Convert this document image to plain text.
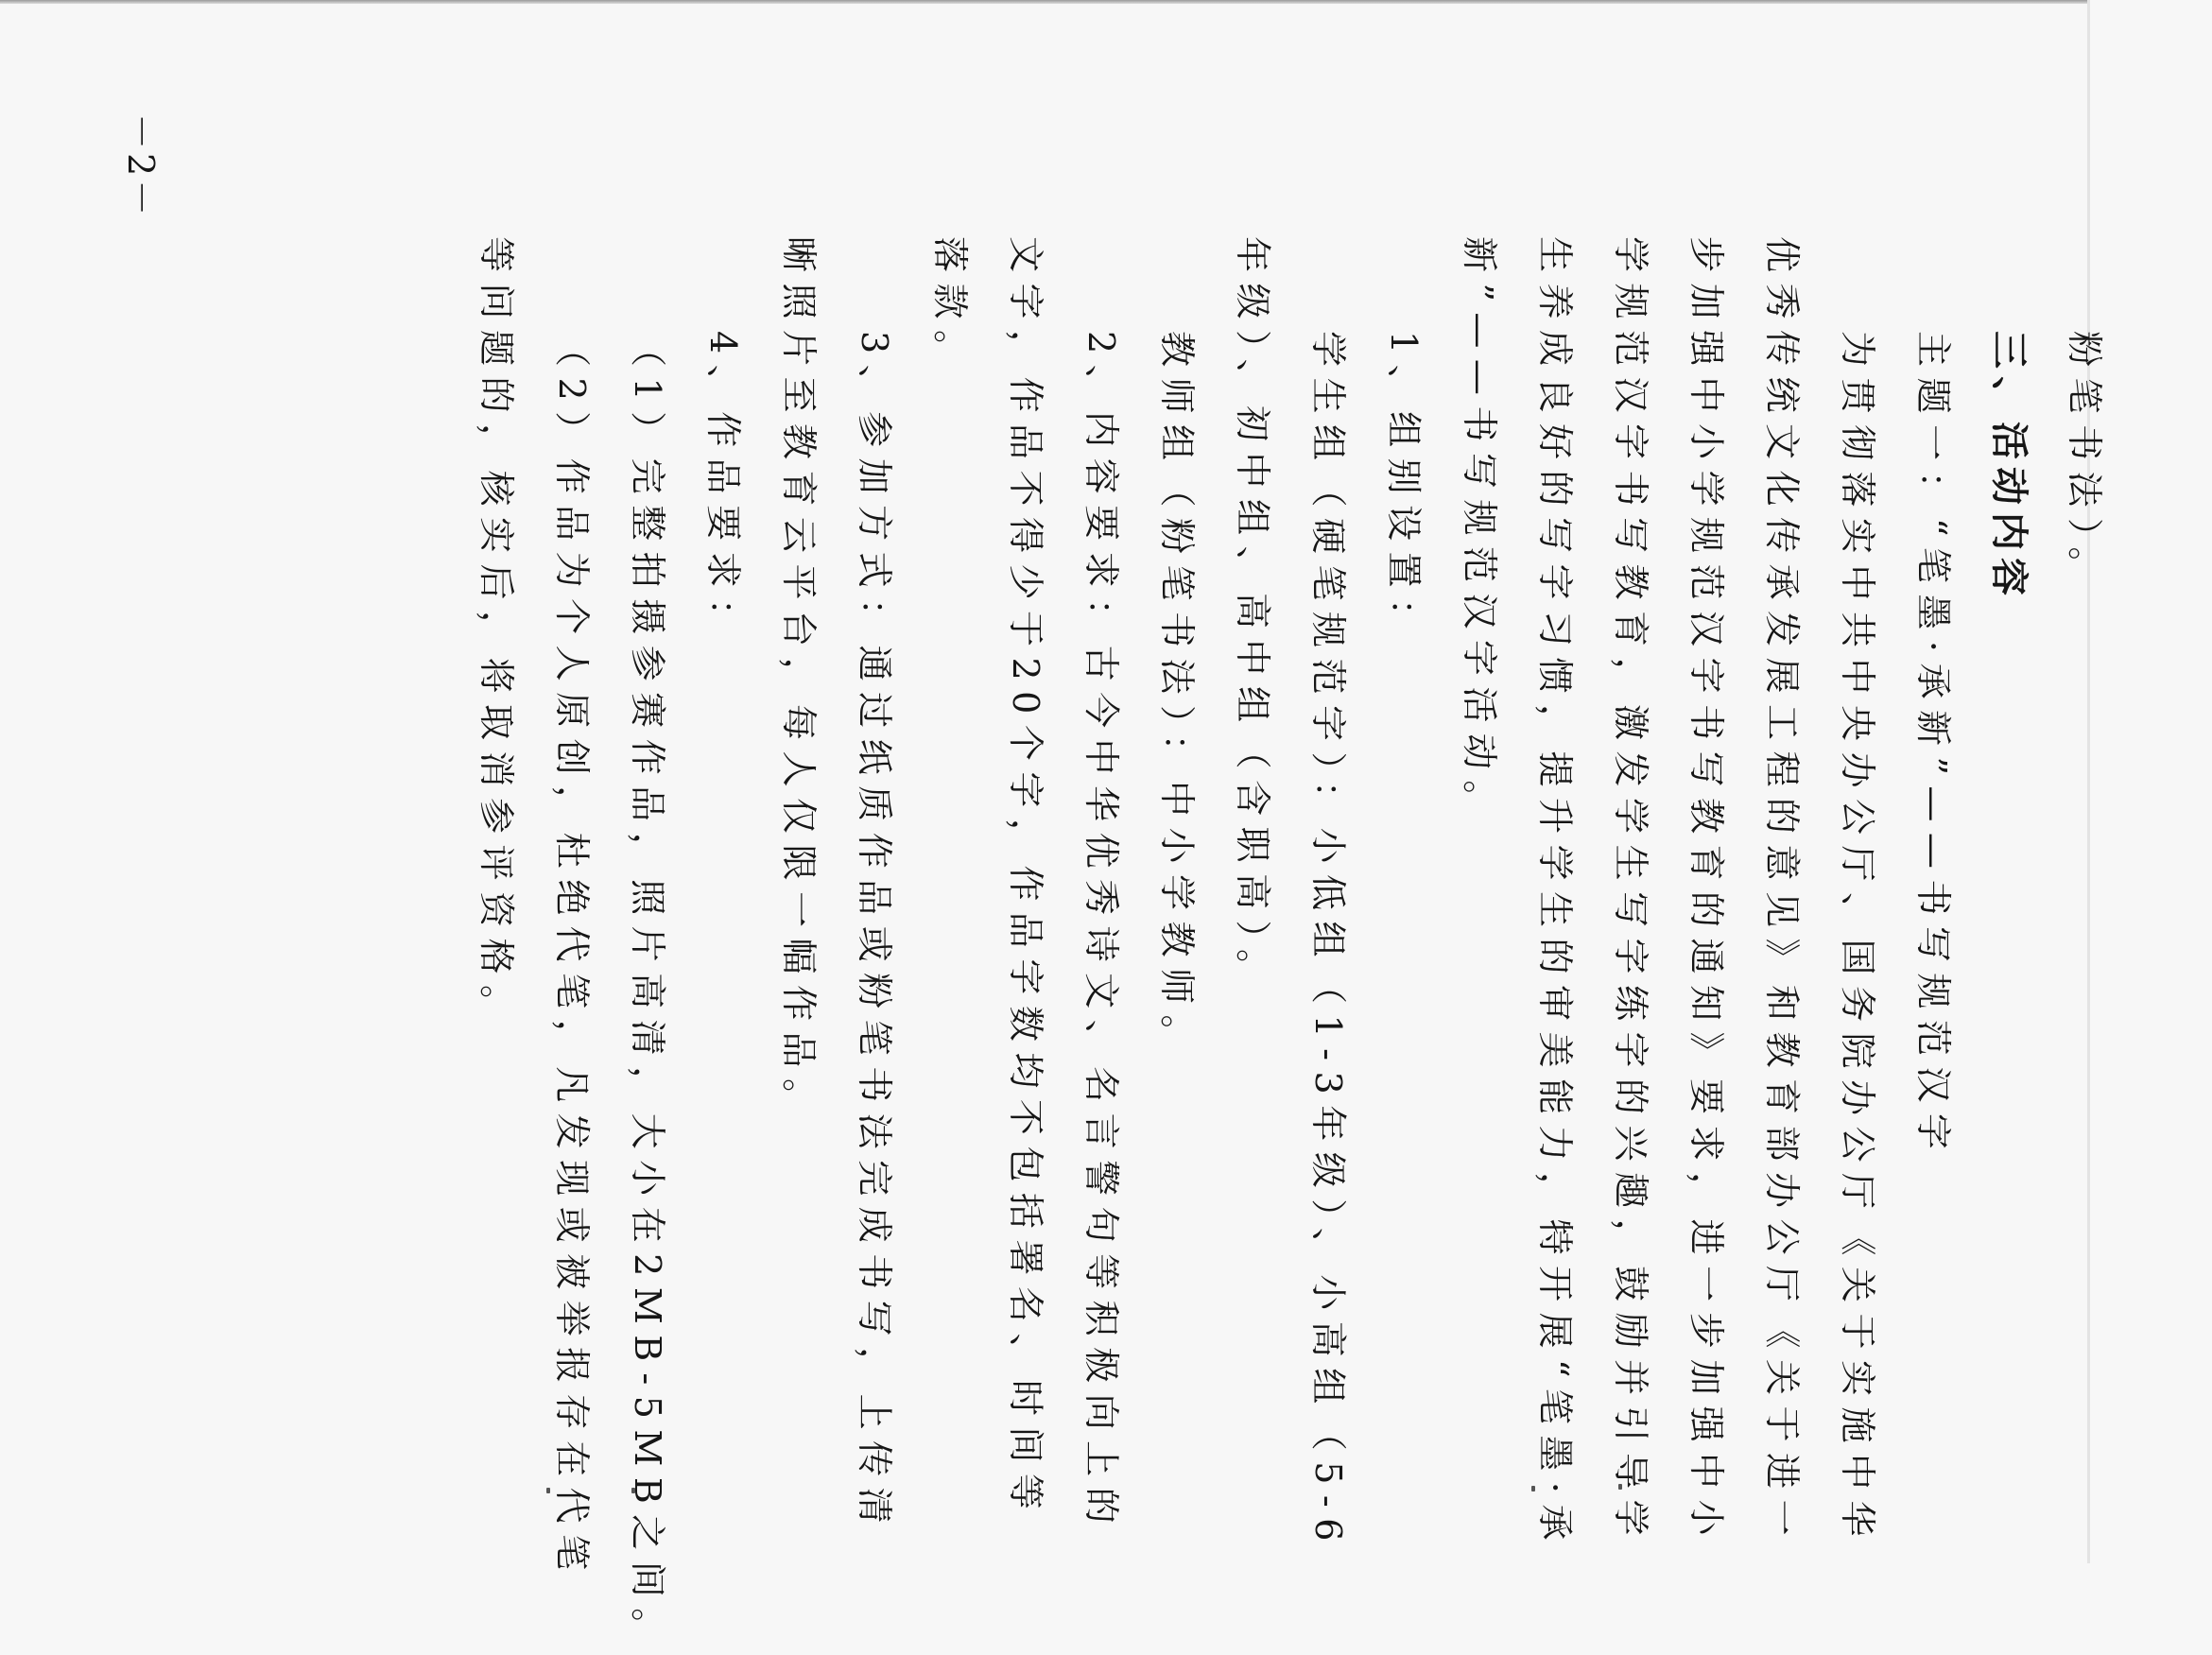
粉笔书法）。
三、活动内容
主题一：“笔墨·承新”——书写规范汉字
为贯彻落实中共中央办公厅、国务院办公厅《关于实施中华
优秀传统文化传承发展工程的意见》和教育部办公厅《关于进一
步加强中小学规范汉字书写教育的通知》要求，进一步加强中小
学规范汉字书写教育，激发学生写字练字的兴趣，鼓励并引导学
生养成良好的写字习惯，提升学生的审美能力，特开展“笔墨·承
新”——书写规范汉字活动。
1、组别设置：
学生组（硬笔规范字）：小低组（1-3年级）、小高组（5-6
年级）、初中组、高中组（含职高）。
教师组（粉笔书法）：中小学教师。
2、内容要求：古今中华优秀诗文、名言警句等积极向上的
文字，作品不得少于20个字，作品字数均不包括署名、时间等
落款。
3、参加方式：通过纸质作品或粉笔书法完成书写，上传清
晰照片至教育云平台，每人仅限一幅作品。
4、作品要求：
（1）完整拍摄参赛作品，照片高清，大小在2MB-5MB之间。
（2）作品为个人原创，杜绝代笔，凡发现或被举报存在代笔
等问题的，核实后，将取消参评资格。
－2－
